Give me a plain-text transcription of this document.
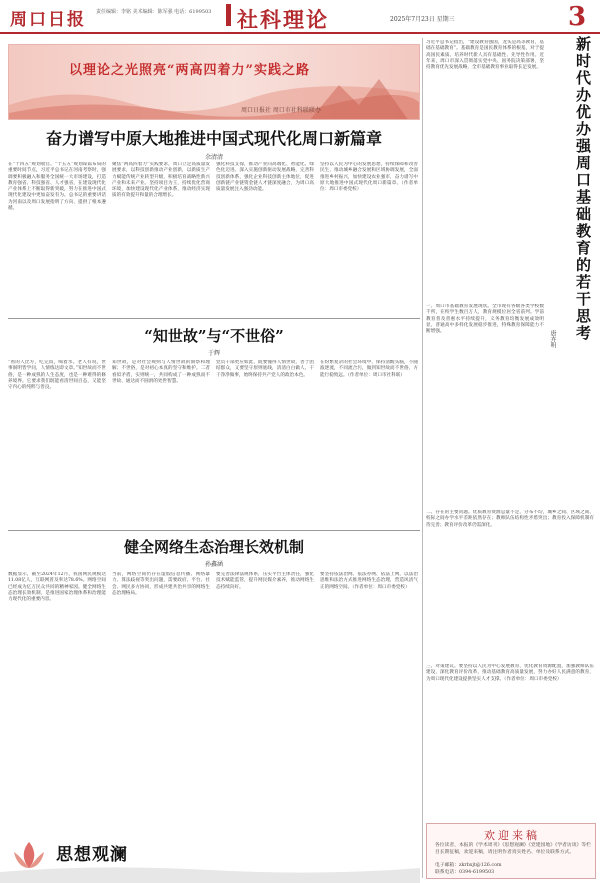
周口日报 责任编辑：李铭 美术编辑：陈军强 电话：6199503	社科理论	2025年7月23日 星期三	3
以理论之光照亮“两高四着力”实践之路
周口日报社 周口市社科联联办
奋力谱写中原大地推进中国式现代化周口新篇章
余清清
在“十四五”规划收官、“十五五”规划谋篇布局的重要时间节点，习近平总书记在河南考察时，强调要积极融入和服务全国统一大市场建设，打造教育强省、科技强省、人才强省，在建设现代化产业体系上不断取得新突破，努力在推进中国式现代化建设中更加奋发有为。总书记的重要讲话为河南以及周口发展指明了方向、提供了根本遵循。
聚焦“两高四着力”实践要求，周口立足高质量发展要求，以科技创新推动产业创新，以新质生产力赋能传统产业转型升级，积极培育战略性新兴产业和未来产业。坚持项目为王，持续优化营商环境，加快建设现代化产业体系，推动经济实现质的有效提升和量的合理增长。
强化科技支撑，推动产业向高端化、智能化、绿色化迈进。深入实施创新驱动发展战略，完善科技创新体系，强化企业科技创新主体地位，促进创新链产业链资金链人才链深度融合，为周口高质量发展注入强劲动能。
坚持以人民为中心的发展思想，持续保障和改善民生，推动城乡融合发展和区域协调发展，全面推进乡村振兴，加快建设农业强市，奋力谱写中原大地推进中国式现代化周口新篇章。（作者单位：周口市委党校）
“知世故”与“不世俗”
于辉
“看的人比方，吃完饭，喝着水。老人有说，世事洞明皆学问，人情练达即文章。”知世故而不世俗，是一种成熟的人生态度，也是一种难得的修养境界。它要求我们既能看清世间百态，又能坚守内心的纯粹与善良。
知世故，是对社会规则与人情世故的洞察和理解；不世俗，是对初心本真的坚守和维护。二者看似矛盾，实则统一，共同构成了一种成熟而不世故、通达而不圆滑的处世智慧。
党员干部更应如此，既要懂得人情世故，善于团结群众，又要坚守原则底线，清清白白做人、干干净净做事，始终保持共产党人的政治本色。
在纷繁复杂的社会环境中，保持清醒头脑，不随波逐流，不同流合污，做到知世故而不世俗，方能行稳致远。（作者单位：周口市社科联）
健全网络生态治理长效机制
孙鑫涵
数据显示，截至2024年12月，我国网民规模达11.08亿人，互联网普及率达78.6%。网络空间已经成为亿万民众共同的精神家园。健全网络生态治理长效机制，是推进国家治理体系和治理能力现代化的重要内容。
当前，网络空间仍存在虚假信息传播、网络暴力、算法歧视等突出问题，需要政府、平台、社会、网民多方协同，形成共建共治共享的网络生态治理格局。
要完善法律法规体系，压实平台主体责任，强化技术赋能监管，提升网民媒介素养，推动网络生态持续向好。
要坚持依法治网、依法办网、依法上网，以法治思维和法治方式推进网络生态治理，营造风清气正的网络空间。（作者单位：周口市委党校）
新时代办优办强周口基础教育的若干思考
唐卉明
习近平总书记指出，“建设教育强国，龙头是高等教育，基础在基础教育”。基础教育是国民教育体系的根基，对于提高国民素质、培养时代新人具有基础性、先导性作用。近年来，周口市深入贯彻落实党中央、国务院决策部署，坚持教育优先发展战略，全市基础教育事业取得长足发展。
一、周口市基础教育发展现状。全市现有各级各类学校数千所，在校学生数百万人，教育规模位居全省前列。学前教育普及普惠水平持续提升，义务教育均衡发展成效明显，普通高中多样化发展稳步推进，特殊教育保障能力不断增强。
二、存在的主要问题。优质教育资源总量不足、分布不均，城乡之间、区域之间、校际之间办学水平差距依然存在；教师队伍结构性矛盾突出；教育投入保障机制有待完善；教育评价改革仍需深化。
三、对策建议。要坚持以人民为中心发展教育，优化教育资源配置，加强教师队伍建设，深化教育评价改革，推动基础教育高质量发展，努力办好人民满意的教育，为周口现代化建设提供坚实人才支撑。（作者单位：周口市委党校）
欢迎来稿
各位读者，本报的《学术周刊》《思想观澜》《党建园地》《学者访谈》等栏目长期征稿，欢迎来稿，请注明作者真实姓名、单位及联系方式。
电子邮箱：zkrbxjt@126.com
联系电话：0394-6199503
思想观澜
